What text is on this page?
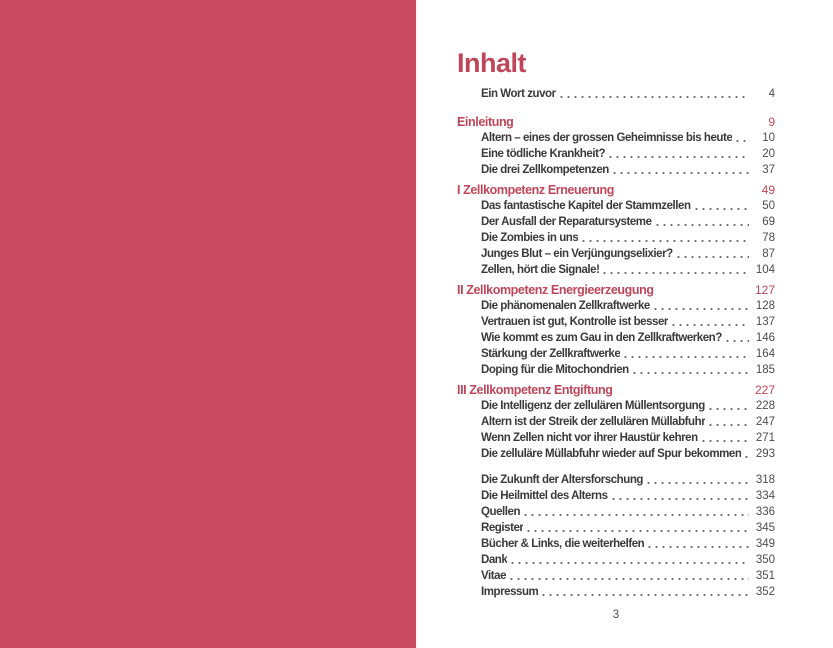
Inhalt
Ein Wort zuvor	4
Einleitung	9
Altern – eines der grossen Geheimnisse bis heute	10
Eine tödliche Krankheit?	20
Die drei Zellkompetenzen	37
I Zellkompetenz Erneuerung	49
Das fantastische Kapitel der Stammzellen	50
Der Ausfall der Reparatursysteme	69
Die Zombies in uns	78
Junges Blut – ein Verjüngungselixier?	87
Zellen, hört die Signale!	104
II Zellkompetenz Energieerzeugung	127
Die phänomenalen Zellkraftwerke	128
Vertrauen ist gut, Kontrolle ist besser	137
Wie kommt es zum Gau in den Zellkraftwerken?	146
Stärkung der Zellkraftwerke	164
Doping für die Mitochondrien	185
III Zellkompetenz Entgiftung	227
Die Intelligenz der zellulären Müllentsorgung	228
Altern ist der Streik der zellulären Müllabfuhr	247
Wenn Zellen nicht vor ihrer Haustür kehren	271
Die zelluläre Müllabfuhr wieder auf Spur bekommen 293
Die Zukunft der Altersforschung	318
Die Heilmittel des Alterns	334
Quellen	336
Register	345
Bücher & Links, die weiterhelfen	349
Dank	350
Vitae	351
Impressum	352
3
